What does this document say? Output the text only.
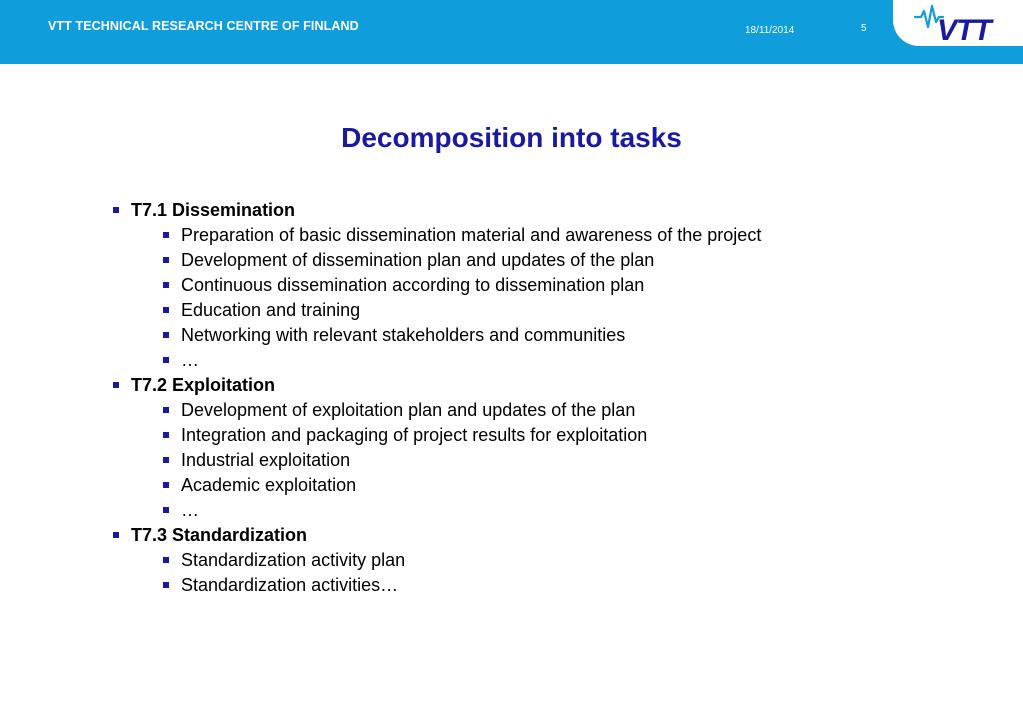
VTT TECHNICAL RESEARCH CENTRE OF FINLAND	18/11/2014	5 VTT
Decomposition into tasks
T7.1 Dissemination
Preparation of basic dissemination material and awareness of the project
Development of dissemination plan and updates of the plan
Continuous dissemination according to dissemination plan
Education and training
Networking with relevant stakeholders and communities
…
T7.2 Exploitation
Development of exploitation plan and updates of the plan
Integration and packaging of project results for exploitation
Industrial exploitation
Academic exploitation
…
T7.3 Standardization
Standardization activity plan
Standardization activities…
